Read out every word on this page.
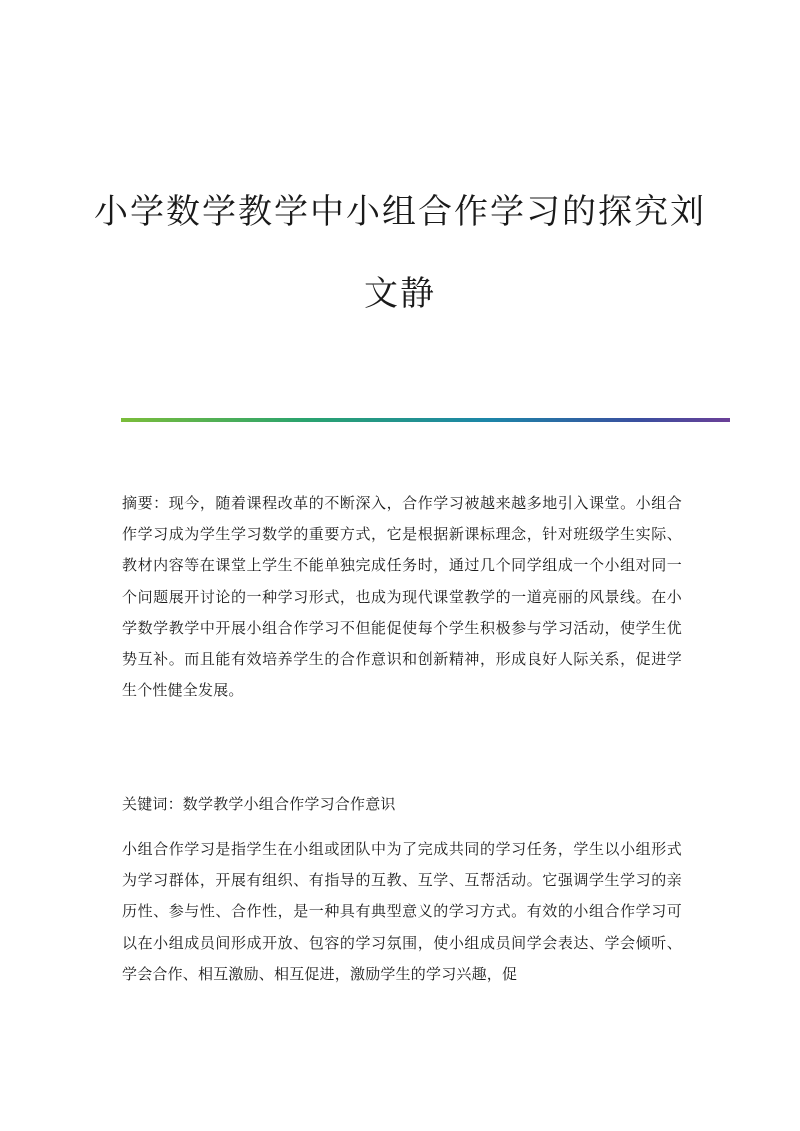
小学数学教学中小组合作学习的探究刘
文静

摘要：现今，随着课程改革的不断深入，合作学习被越来越多地引入课堂。小组合作学习成为学生学习数学的重要方式，它是根据新课标理念，针对班级学生实际、教材内容等在课堂上学生不能单独完成任务时，通过几个同学组成一个小组对同一个问题展开讨论的一种学习形式，也成为现代课堂教学的一道亮丽的风景线。在小学数学教学中开展小组合作学习不但能促使每个学生积极参与学习活动，使学生优势互补。而且能有效培养学生的合作意识和创新精神，形成良好人际关系，促进学生个性健全发展。

关键词：数学教学小组合作学习合作意识

小组合作学习是指学生在小组或团队中为了完成共同的学习任务，学生以小组形式为学习群体，开展有组织、有指导的互教、互学、互帮活动。它强调学生学习的亲历性、参与性、合作性，是一种具有典型意义的学习方式。有效的小组合作学习可以在小组成员间形成开放、包容的学习氛围，使小组成员间学会表达、学会倾听、学会合作、相互激励、相互促进，激励学生的学习兴趣，促
